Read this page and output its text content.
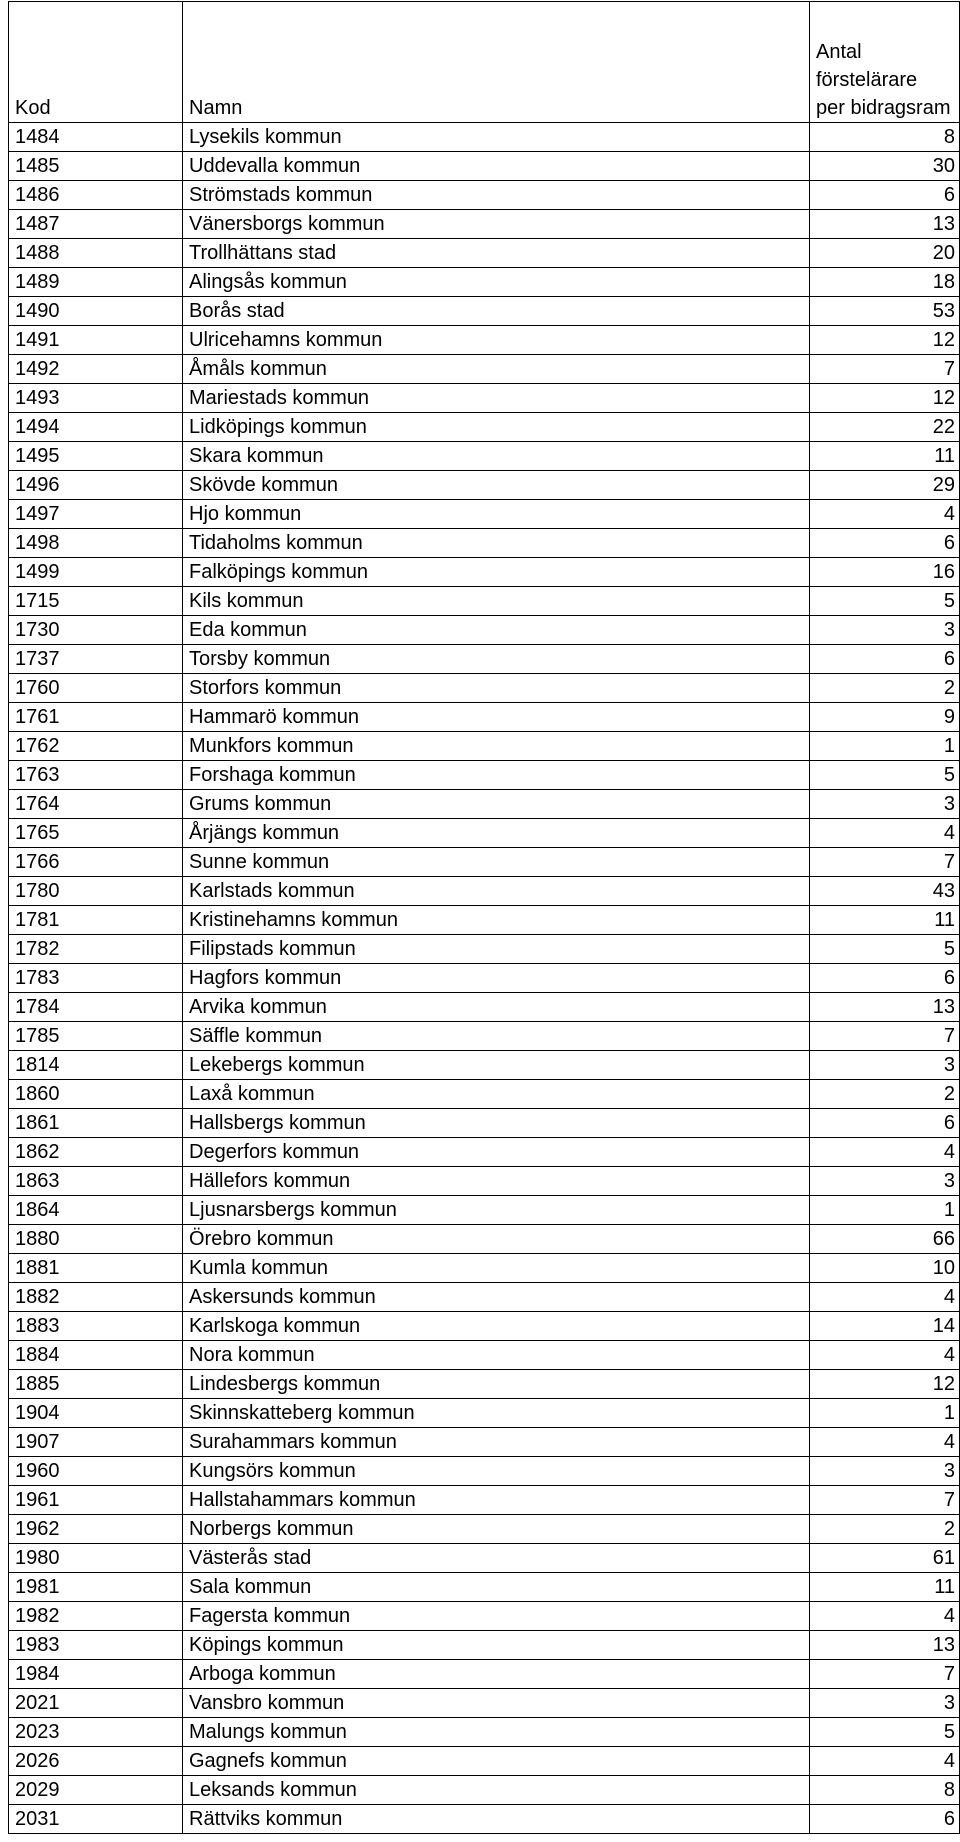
Kod	Namn	Antal
förstelärare
per bidragsram

1484	Lysekils kommun	8
1485	Uddevalla kommun	30
1486	Strömstads kommun	6
1487	Vänersborgs kommun	13
1488	Trollhättans stad	20
1489	Alingsås kommun	18
1490	Borås stad	53
1491	Ulricehamns kommun	12
1492	Åmåls kommun	7
1493	Mariestads kommun	12
1494	Lidköpings kommun	22
1495	Skara kommun	11
1496	Skövde kommun	29
1497	Hjo kommun	4
1498	Tidaholms kommun	6
1499	Falköpings kommun	16
1715	Kils kommun	5
1730	Eda kommun	3
1737	Torsby kommun	6
1760	Storfors kommun	2
1761	Hammarö kommun	9
1762	Munkfors kommun	1
1763	Forshaga kommun	5
1764	Grums kommun	3
1765	Årjängs kommun	4
1766	Sunne kommun	7
1780	Karlstads kommun	43
1781	Kristinehamns kommun	11
1782	Filipstads kommun	5
1783	Hagfors kommun	6
1784	Arvika kommun	13
1785	Säffle kommun	7
1814	Lekebergs kommun	3
1860	Laxå kommun	2
1861	Hallsbergs kommun	6
1862	Degerfors kommun	4
1863	Hällefors kommun	3
1864	Ljusnarsbergs kommun	1
1880	Örebro kommun	66
1881	Kumla kommun	10
1882	Askersunds kommun	4
1883	Karlskoga kommun	14
1884	Nora kommun	4
1885	Lindesbergs kommun	12
1904	Skinnskatteberg kommun	1
1907	Surahammars kommun	4
1960	Kungsörs kommun	3
1961	Hallstahammars kommun	7
1962	Norbergs kommun	2
1980	Västerås stad	61
1981	Sala kommun	11
1982	Fagersta kommun	4
1983	Köpings kommun	13
1984	Arboga kommun	7
2021	Vansbro kommun	3
2023	Malungs kommun	5
2026	Gagnefs kommun	4
2029	Leksands kommun	8
2031	Rättviks kommun	6
